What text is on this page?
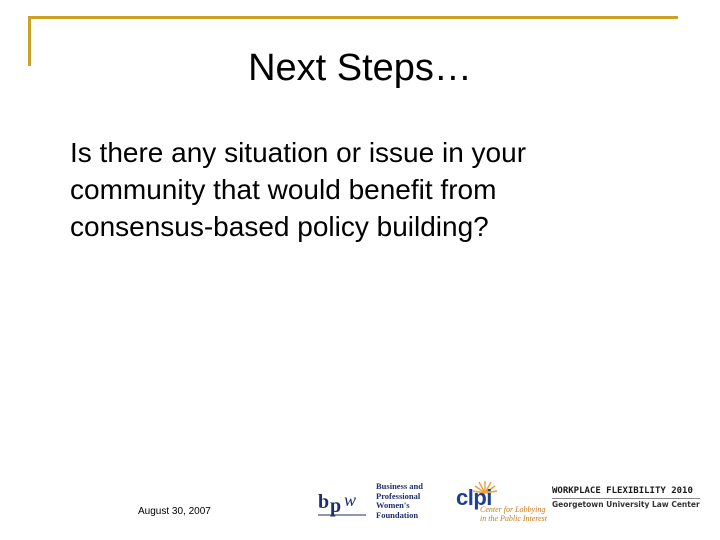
Next Steps…
Is there any situation or issue in your community that would benefit from consensus-based policy building?
August 30, 2007	b p w
Business and
Professional
Women's
Foundation
clpi
Center for Lobbying
in the Public Interest
WORKPLACE FLEXIBILITY 2010
Georgetown University Law Center
